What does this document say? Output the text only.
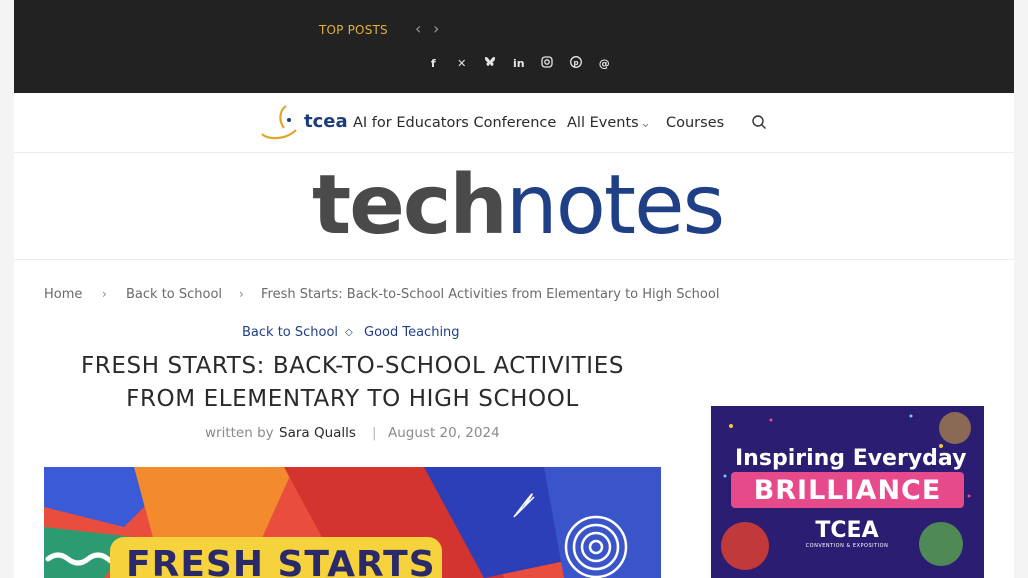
TOP POSTS ‹ ›
f	✕	in	p	@
tcea AI for Educators Conference All Events ⌄ Courses
technotes
Home › Back to School › Fresh Starts: Back-to-School Activities from Elementary to High School
Back to School ◇ Good Teaching
FRESH STARTS: BACK-TO-SCHOOL ACTIVITIES
FROM ELEMENTARY TO HIGH SCHOOL
written by Sara Qualls | August 20, 2024
FRESH STARTS
Inspiring Everyday
BRILLIANCE
TCEA
CONVENTION & EXPOSITION
